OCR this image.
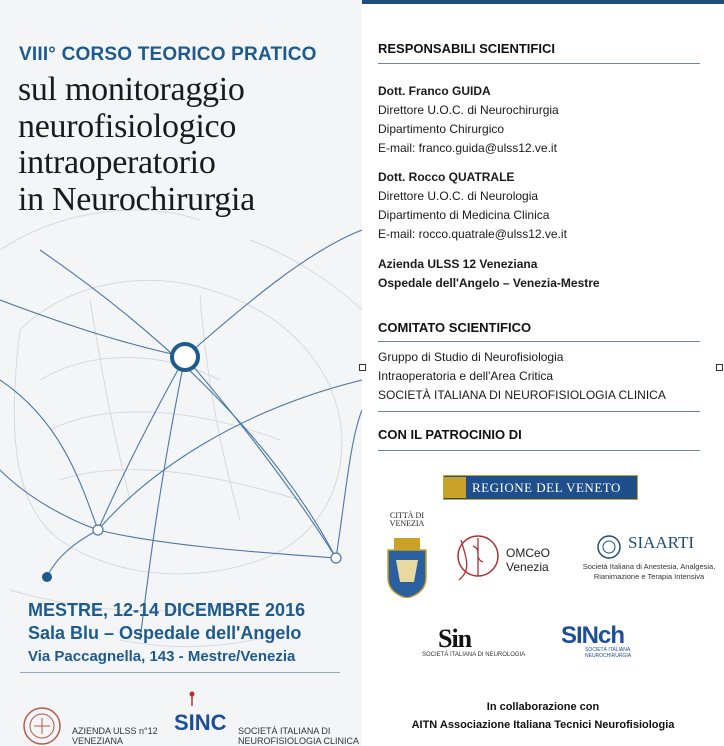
VIII° CORSO TEORICO PRATICO
sul monitoraggio
neurofisiologico
intraoperatorio
in Neurochirurgia
MESTRE, 12-14 DICEMBRE 2016
Sala Blu – Ospedale dell'Angelo
Via Paccagnella, 143 - Mestre/Venezia
AZIENDA ULSS n°12
VENEZIANA
SINC SOCIETÀ ITALIANA DI
NEUROFISIOLOGIA CLINICA
RESPONSABILI SCIENTIFICI
Dott. Franco GUIDA
Direttore U.O.C. di Neurochirurgia
Dipartimento Chirurgico
E-mail: franco.guida@ulss12.ve.it
Dott. Rocco QUATRALE
Direttore U.O.C. di Neurologia
Dipartimento di Medicina Clinica
E-mail: rocco.quatrale@ulss12.ve.it
Azienda ULSS 12 Veneziana
Ospedale dell'Angelo – Venezia-Mestre
COMITATO SCIENTIFICO
Gruppo di Studio di Neurofisiologia
Intraoperatoria e dell'Area Critica
SOCIETÀ ITALIANA DI NEUROFISIOLOGIA CLINICA
CON IL PATROCINIO DI
REGIONE DEL VENETO
CITTÀ DI
VENEZIA
OMCeO
Venezia
SIAARTI
Società Italiana di Anestesia, Analgesia,
Rianimazione e Terapia Intensiva
Sin
SOCIETÀ ITALIANA DI NEUROLOGIA
SINch
SOCIETÀ ITALIANA
NEUROCHIRURGIA
In collaborazione con
AITN Associazione Italiana Tecnici Neurofisiologia
